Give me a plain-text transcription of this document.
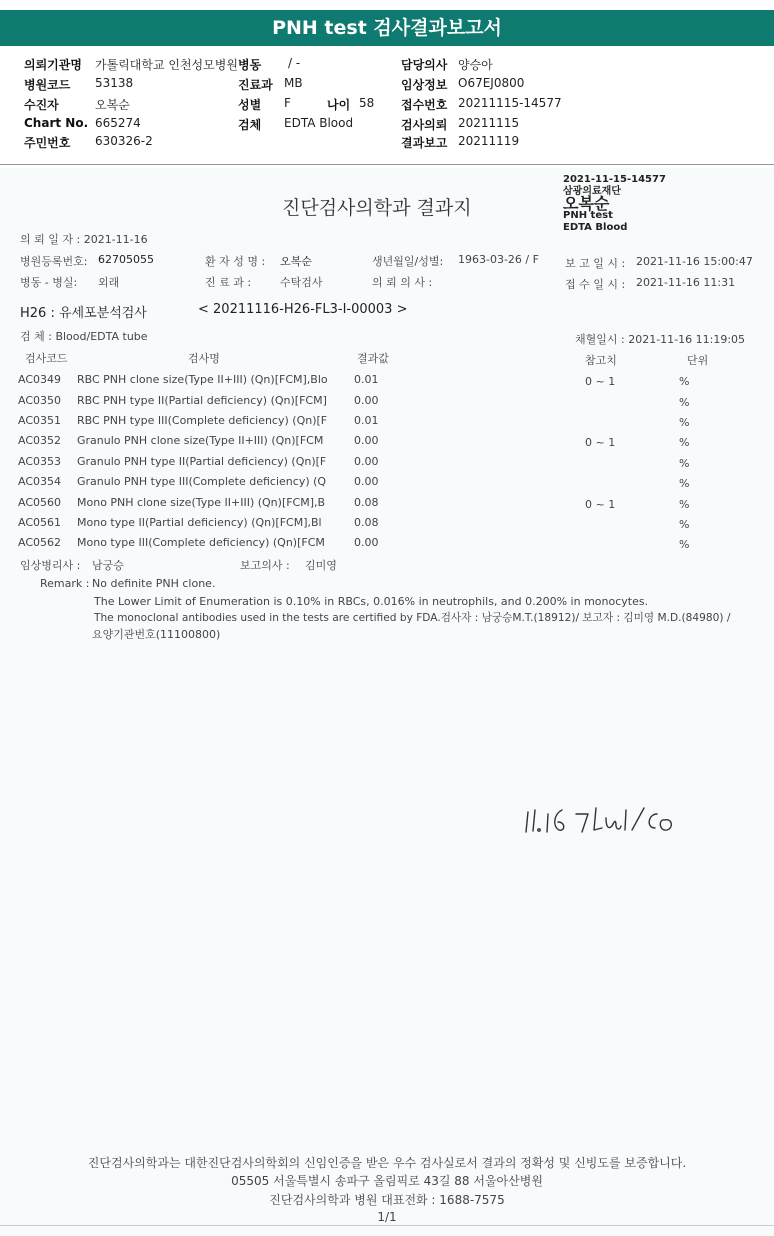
PNH test 검사결과보고서
의뢰기관명 가톨릭대학교 인천성모병원 병동 / -	담당의사 양승아
병원코드 53138	진료과 MB	임상정보 O67EJ0800
수진자	오복순	성별 F	나이 58 접수번호 20211115-14577
Chart No. 665274	검체 EDTA Blood	검사의뢰 20211115
주민번호 630326-2	결과보고 20211119
2021-11-15-14577
삼광의료재단
오복순
PNH test
EDTA Blood
진단검사의학과 결과지
의 뢰 일 자 : 2021-11-16
병원등록번호: 62705055	환 자 성 명 : 오복순	생년월일/성별: 1963-03-26 / F 보 고 일 시 : 2021-11-16 15:00:47
병동 - 병실: 외래	진 료 과 :	수탁검사	의 뢰 의 사 :	접 수 일 시 : 2021-11-16 11:31
H26 : 유세포분석검사	< 20211116-H26-FL3-I-00003 >
검 체 : Blood/EDTA tube	채혈일시 : 2021-11-16 11:19:05
검사코드	검사명	결과값	참고치	단위
AC0349 RBC PNH clone size(Type II+III) (Qn)[FCM],Blo 0.01	0 ~ 1	%
AC0350 RBC PNH type II(Partial deficiency) (Qn)[FCM] 0.00	%
AC0351 RBC PNH type III(Complete deficiency) (Qn)[F 0.01	%
AC0352 Granulo PNH clone size(Type II+III) (Qn)[FCM	0.00	0 ~ 1	%
AC0353 Granulo PNH type II(Partial deficiency) (Qn)[F	0.00	%
AC0354 Granulo PNH type III(Complete deficiency) (Q	0.00	%
AC0560 Mono PNH clone size(Type II+III) (Qn)[FCM],B	0.08	0 ~ 1	%
AC0561 Mono type II(Partial deficiency) (Qn)[FCM],Bl	0.08	%
AC0562 Mono type III(Complete deficiency) (Qn)[FCM	0.00	%
임상병리사 : 남궁승	보고의사 : 김미영
Remark : No definite PNH clone.
The Lower Limit of Enumeration is 0.10% in RBCs, 0.016% in neutrophils, and 0.200% in monocytes.
The monoclonal antibodies used in the tests are certified by FDA.검사자 : 남궁승M.T.(18912)/ 보고자 : 김미영 M.D.(84980) /
요양기관번호(11100800)
진단검사의학과는 대한진단검사의학회의 신임인증을 받은 우수 검사실로서 결과의 정확성 및 신빙도를 보증합니다.
05505 서울특별시 송파구 올림픽로 43길 88 서울아산병원
진단검사의학과 병원 대표전화 : 1688-7575
1/1
